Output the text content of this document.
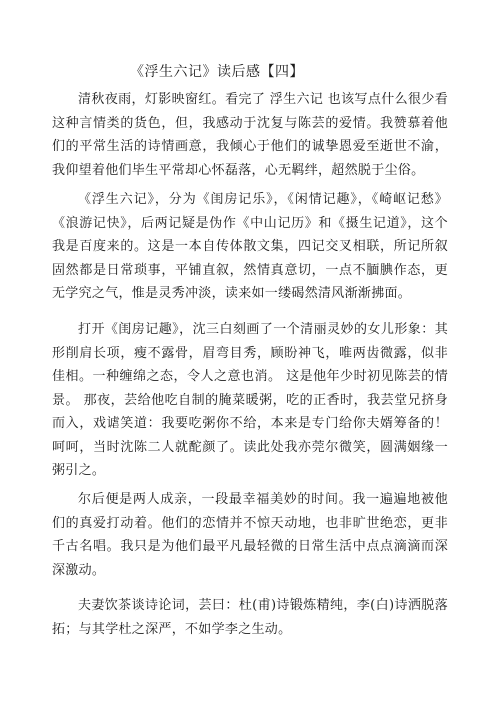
《浮生六记》读后感【四】

清秋夜雨，灯影映窗红。看完了 浮生六记 也该写点什么很少看这种言情类的货色，但，我感动于沈复与陈芸的爱情。我赞慕着他们的平常生活的诗情画意，我倾心于他们的诚挚恩爱至逝世不渝，我仰望着他们毕生平常却心怀磊落，心无羁绊，超然脱于尘俗。

《浮生六记》，分为《闺房记乐》，《闲情记趣》，《崎岖记愁》《浪游记快》，后两记疑是伪作《中山记历》和《摄生记道》，这个我是百度来的。这是一本自传体散文集，四记交叉相联，所记所叙固然都是日常琐事，平铺直叙，然情真意切，一点不腼腆作态，更无学究之气，惟是灵秀冲淡，读来如一缕碣然清风渐渐拂面。

打开《闺房记趣》，沈三白刻画了一个清丽灵妙的女儿形象：其形削肩长项，瘦不露骨，眉弯目秀，顾盼神飞，唯两齿微露，似非佳相。一种缠绵之态，令人之意也消。 这是他年少时初见陈芸的情景。 那夜，芸给他吃自制的腌菜暖粥，吃的正香时，我芸堂兄挤身而入，戏谑笑道：我要吃粥你不给，本来是专门给你夫婿筹备的！呵呵，当时沈陈二人就酡颜了。读此处我亦莞尔微笑，圆满姻缘一粥引之。

尔后便是两人成亲，一段最幸福美妙的时间。我一遍遍地被他们的真爱打动着。他们的恋情并不惊天动地，也非旷世绝恋，更非千古名唱。我只是为他们最平凡最轻微的日常生活中点点滴滴而深深激动。

夫妻饮茶谈诗论词，芸曰：杜(甫)诗锻炼精纯，李(白)诗洒脱落拓；与其学杜之深严，不如学李之生动。
